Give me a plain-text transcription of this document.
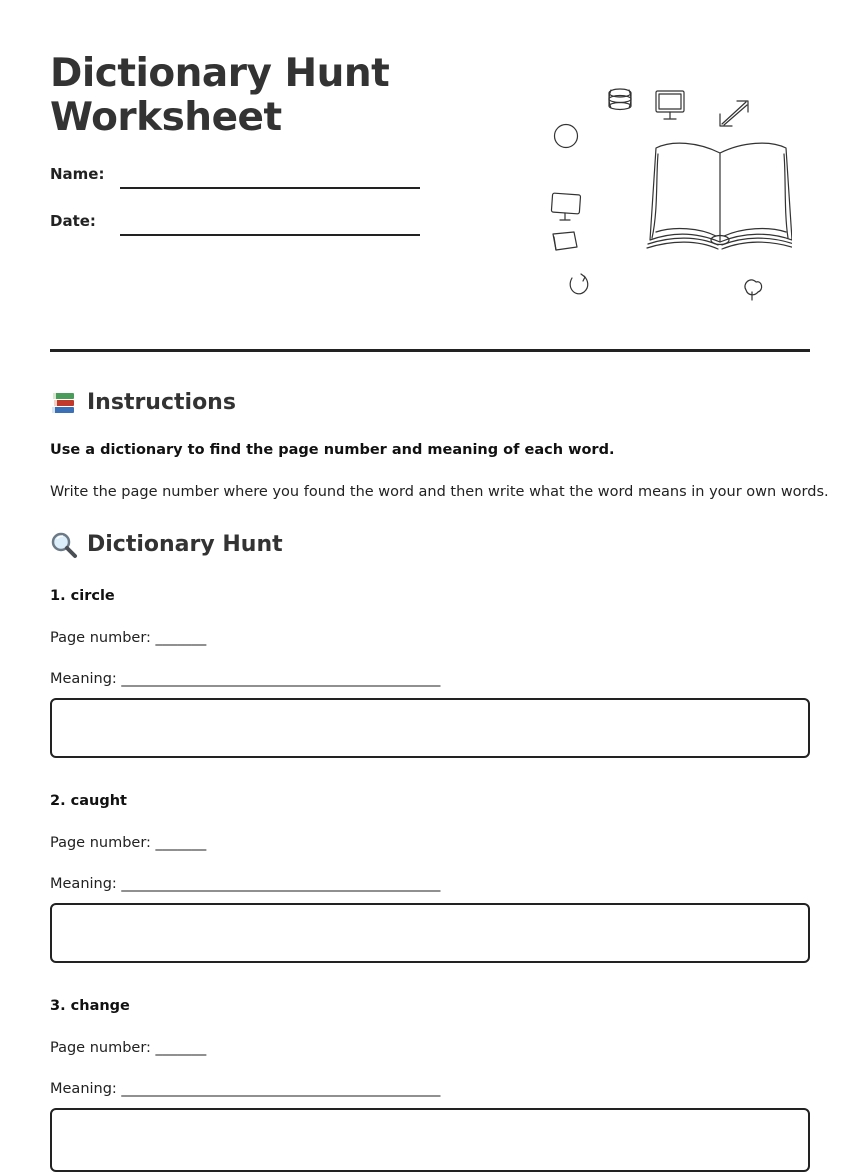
Dictionary Hunt
Worksheet
Name:
Date:
Instructions

Use a dictionary to find the page number and meaning of each word.

Write the page number where you found the word and then write what the word means in your own words.

Dictionary Hunt
1. circle
Page number: _______
Meaning: ____________________________________________
2. caught
Page number: _______
Meaning: ____________________________________________
3. change
Page number: _______
Meaning: ____________________________________________
